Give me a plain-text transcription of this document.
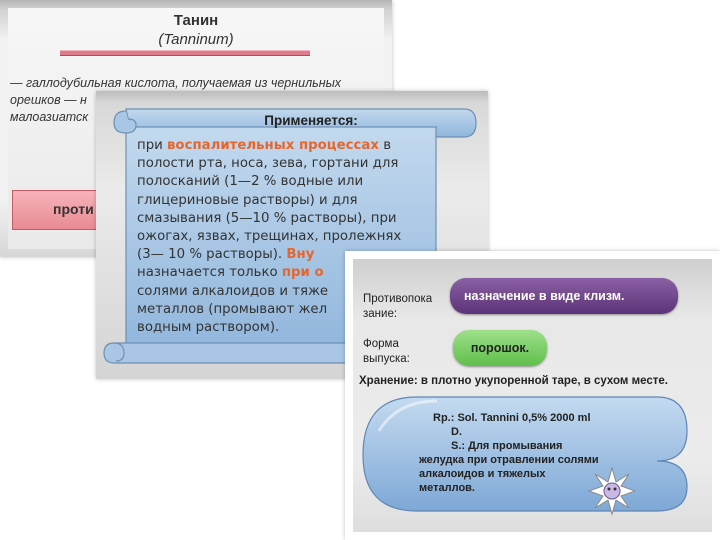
Танин
(Tanninum)
— галлодубильная кислота, получаемая из чернильных
орешков — н
малоазиатск
проти
Применяется:
при воспалительных процессах в
полости рта, носа, зева, гортани для
полосканий (1—2 % водные или
глицериновые растворы) и для
смазывания (5—10 % растворы), при
ожогах, язвах, трещинах, пролежнях
(3— 10 % растворы). Вну
назначается только при о
солями алкалоидов и тяже
металлов (промывают жел
водным раствором).
Противопока зание:
назначение в виде клизм.
Форма выпуска:
порошок.
Хранение: в плотно укупоренной таре, в сухом месте.
Rp.: Sol. Tannini 0,5% 2000 ml
D.
S.: Для промывания
желудка при отравлении солями
алкалоидов и тяжелых
металлов.
